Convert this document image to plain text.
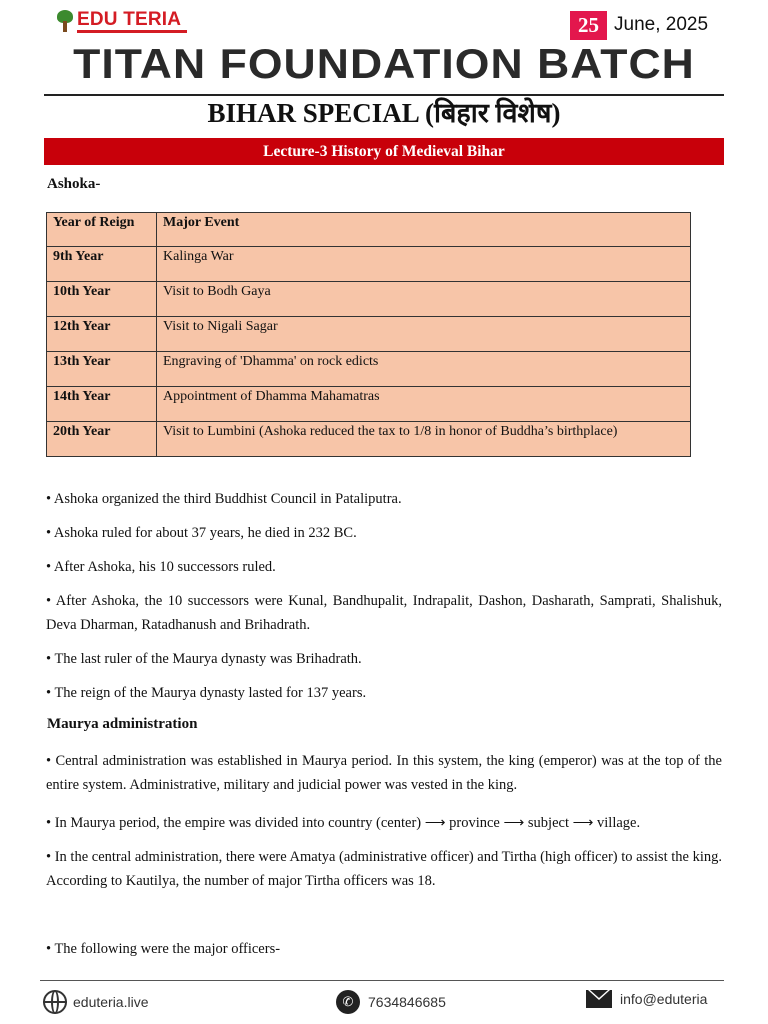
EDU TERIA	25 June, 2025
TITAN FOUNDATION BATCH
BIHAR SPECIAL (बिहार विशेष)
Lecture-3 History of Medieval Bihar
Ashoka-
Year of Reign	Major Event
9th Year	Kalinga War
10th Year	Visit to Bodh Gaya
12th Year	Visit to Nigali Sagar
13th Year	Engraving of 'Dhamma' on rock edicts
14th Year	Appointment of Dhamma Mahamatras
20th Year	Visit to Lumbini (Ashoka reduced the tax to 1/8 in honor of Buddha’s birthplace)
• Ashoka organized the third Buddhist Council in Pataliputra.
• Ashoka ruled for about 37 years, he died in 232 BC.
• After Ashoka, his 10 successors ruled.
• After Ashoka, the 10 successors were Kunal, Bandhupalit, Indrapalit, Dashon, Dasharath, Samprati, Shalishuk, Deva Dharman, Ratadhanush and Brihadrath.
• The last ruler of the Maurya dynasty was Brihadrath.
• The reign of the Maurya dynasty lasted for 137 years.
Maurya administration
• Central administration was established in Maurya period. In this system, the king (emperor) was at the top of the entire system. Administrative, military and judicial power was vested in the king.
• In Maurya period, the empire was divided into country (center) ⟶ province ⟶ subject ⟶ village.
• In the central administration, there were Amatya (administrative officer) and Tirtha (high officer) to assist the king. According to Kautilya, the number of major Tirtha officers was 18.
• The following were the major officers-
eduteria.live	✆	7634846685	info@eduteria
